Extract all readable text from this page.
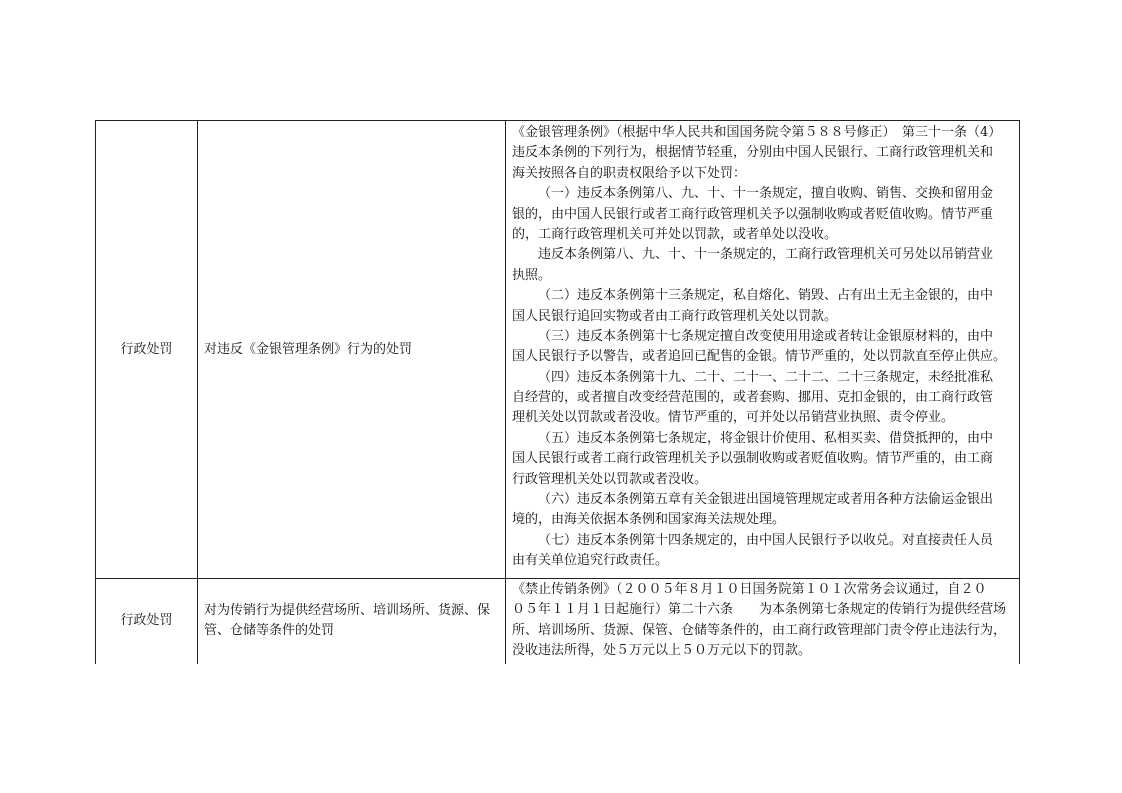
行政处罚 对违反《金银管理条例》行为的处罚
《金银管理条例》（根据中华人民共和国国务院令第５８８号修正）　第三十一条（4）
违反本条例的下列行为，根据情节轻重，分别由中国人民银行、工商行政管理机关和
海关按照各自的职责权限给予以下处罚：
（一）违反本条例第八、九、十、十一条规定，擅自收购、销售、交换和留用金
银的，由中国人民银行或者工商行政管理机关予以强制收购或者贬值收购。情节严重
的，工商行政管理机关可并处以罚款，或者单处以没收。
违反本条例第八、九、十、十一条规定的，工商行政管理机关可另处以吊销营业
执照。
（二）违反本条例第十三条规定，私自熔化、销毁、占有出土无主金银的，由中
国人民银行追回实物或者由工商行政管理机关处以罚款。
（三）违反本条例第十七条规定擅自改变使用用途或者转让金银原材料的，由中
国人民银行予以警告，或者追回已配售的金银。情节严重的，处以罚款直至停止供应。
（四）违反本条例第十九、二十、二十一、二十二、二十三条规定，未经批准私
自经营的，或者擅自改变经营范围的，或者套购、挪用、克扣金银的，由工商行政管
理机关处以罚款或者没收。情节严重的，可并处以吊销营业执照、责令停业。
（五）违反本条例第七条规定，将金银计价使用、私相买卖、借贷抵押的，由中
国人民银行或者工商行政管理机关予以强制收购或者贬值收购。情节严重的，由工商
行政管理机关处以罚款或者没收。
（六）违反本条例第五章有关金银进出国境管理规定或者用各种方法偷运金银出
境的，由海关依据本条例和国家海关法规处理。
（七）违反本条例第十四条规定的，由中国人民银行予以收兑。对直接责任人员
由有关单位追究行政责任。
行政处罚
对为传销行为提供经营场所、培训场所、货源、保
管、仓储等条件的处罚
《禁止传销条例》（２００５年８月１０日国务院第１０１次常务会议通过，自２０
０５年１１月１日起施行）第二十六条　　为本条例第七条规定的传销行为提供经营场
所、培训场所、货源、保管、仓储等条件的，由工商行政管理部门责令停止违法行为，
没收违法所得，处５万元以上５０万元以下的罚款。
